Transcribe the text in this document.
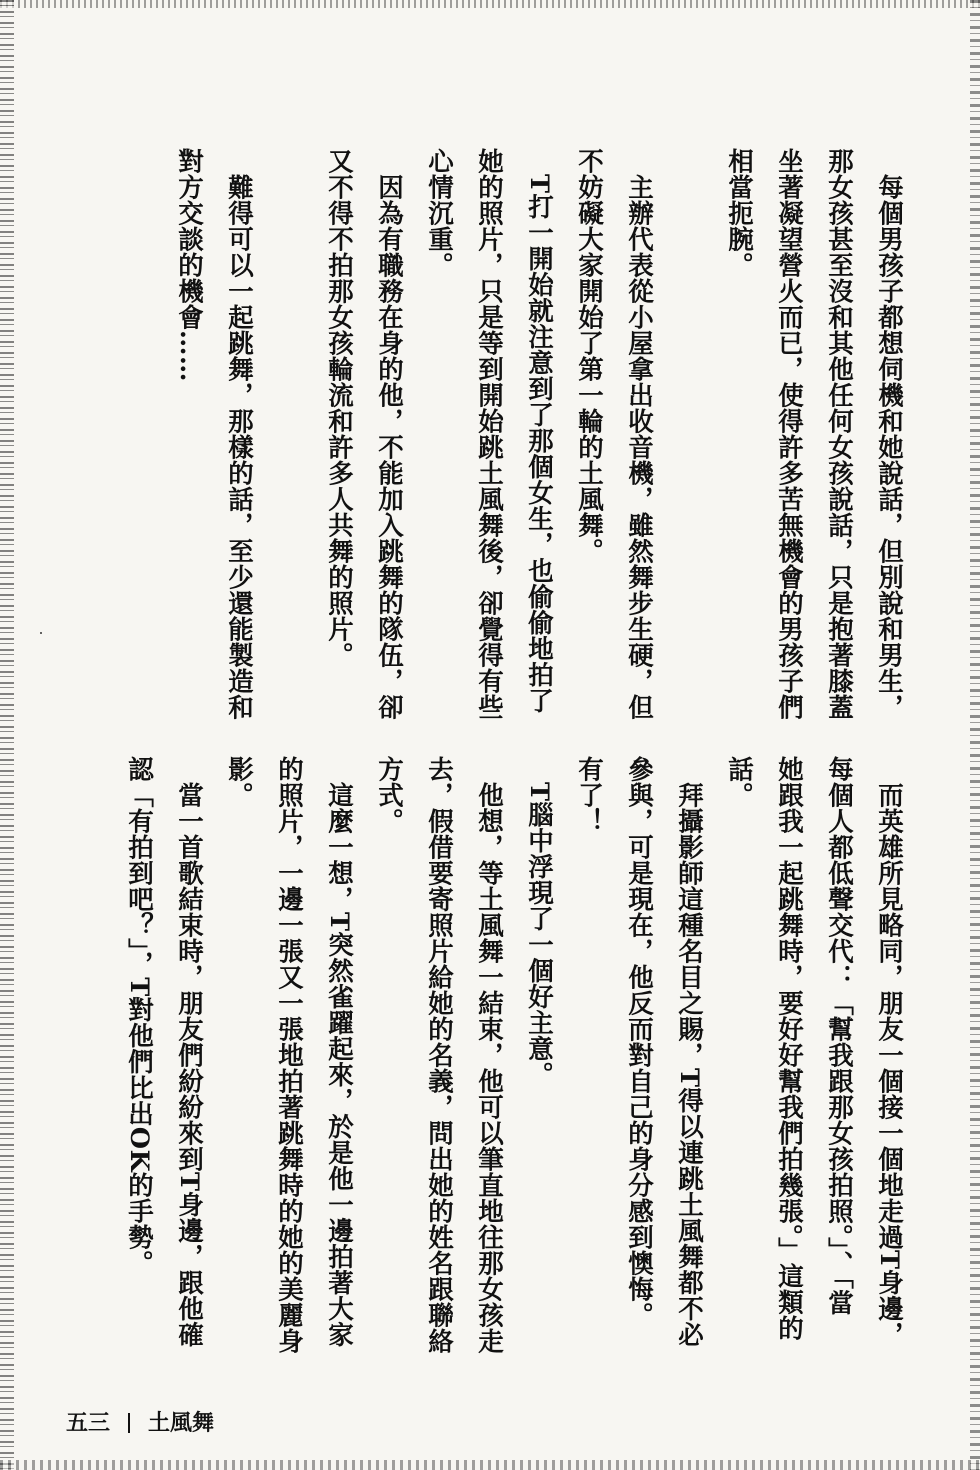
每個男孩子都想伺機和她說話，但別說和男生，
那女孩甚至沒和其他任何女孩說話，只是抱著膝蓋
坐著凝望營火而已，使得許多苦無機會的男孩子們
相當扼腕。
主辦代表從小屋拿出收音機，雖然舞步生硬，但
不妨礙大家開始了第一輪的土風舞。
T打一開始就注意到了那個女生，也偷偷地拍了
她的照片，只是等到開始跳土風舞後，卻覺得有些
心情沉重。
因為有職務在身的他，不能加入跳舞的隊伍，卻
又不得不拍那女孩輪流和許多人共舞的照片。
難得可以一起跳舞，那樣的話，至少還能製造和
對方交談的機會……
而英雄所見略同，朋友一個接一個地走過T身邊，
每個人都低聲交代：「幫我跟那女孩拍照。」、「當
她跟我一起跳舞時，要好好幫我們拍幾張。」這類的
話。
拜攝影師這種名目之賜，T得以連跳土風舞都不必
參與，可是現在，他反而對自己的身分感到懊悔。
有了！
T腦中浮現了一個好主意。
他想，等土風舞一結束，他可以筆直地往那女孩走
去，假借要寄照片給她的名義，問出她的姓名跟聯絡
方式。
這麼一想，T突然雀躍起來，於是他一邊拍著大家
的照片，一邊一張又一張地拍著跳舞時的她的美麗身
影。
當一首歌結束時，朋友們紛紛來到T身邊，跟他確
認「有拍到吧？」，T對他們比出OK的手勢。
五三 土風舞
